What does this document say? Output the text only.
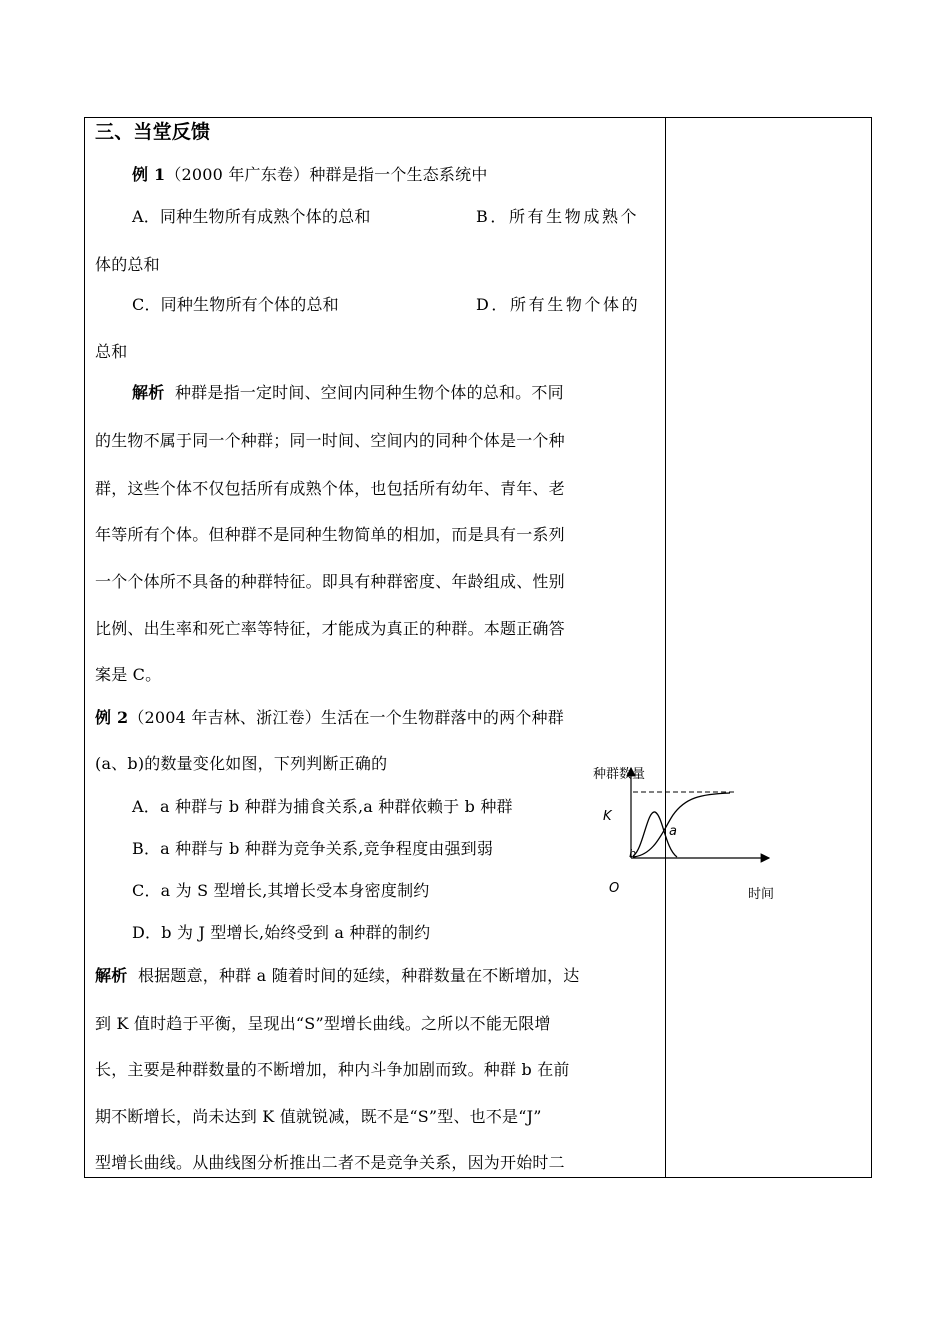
三、当堂反馈
例 1（2000 年广东卷）种群是指一个生态系统中
A．同种生物所有成熟个体的总和	B．所有生物成熟个
体的总和
C．同种生物所有个体的总和	D．所有生物个体的
总和
解析 种群是指一定时间、空间内同种生物个体的总和。不同
的生物不属于同一个种群；同一时间、空间内的同种个体是一个种
群，这些个体不仅包括所有成熟个体，也包括所有幼年、青年、老
年等所有个体。但种群不是同种生物简单的相加，而是具有一系列
一个个体所不具备的种群特征。即具有种群密度、年龄组成、性别
比例、出生率和死亡率等特征，才能成为真正的种群。本题正确答
案是 C。
例 2（2004 年吉林、浙江卷）生活在一个生物群落中的两个种群
(a、b)的数量变化如图，下列判断正确的
A．a 种群与 b 种群为捕食关系,a 种群依赖于 b 种群
B．a 种群与 b 种群为竞争关系,竞争程度由强到弱
C．a 为 S 型增长,其增长受本身密度制约
D．b 为 J 型增长,始终受到 a 种群的制约
解析 根据题意，种群 a 随着时间的延续，种群数量在不断增加，达
到 K 值时趋于平衡，呈现出“S”型增长曲线。之所以不能无限增
长，主要是种群数量的不断增加，种内斗争加剧而致。种群 b 在前
期不断增长，尚未达到 K 值就锐减，既不是“S”型、也不是“J”
型增长曲线。从曲线图分析推出二者不是竞争关系，因为开始时二
种群数量
K
a
b
O	时间
